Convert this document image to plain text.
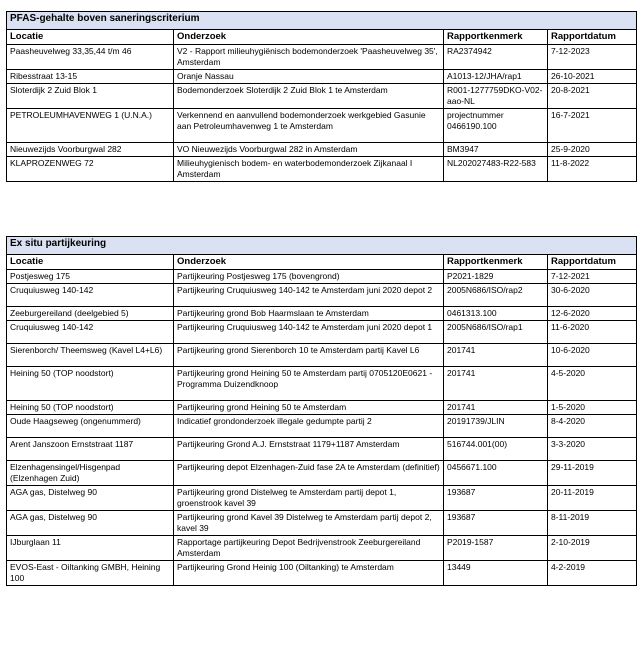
PFAS-gehalte boven saneringscriterium			
Locatie	Onderzoek	Rapportkenmerk	Rapportdatum
Paasheuvelweg 33,35,44 t/m 46	V2 - Rapport milieuhygiënisch bodemonderzoek 'Paasheuvelweg 35', Amsterdam	RA2374942	7-12-2023
Ribesstraat 13-15	Oranje Nassau	A1013-12/JHA/rap1	26-10-2021
Sloterdijk 2 Zuid Blok 1	Bodemonderzoek Sloterdijk 2 Zuid Blok 1 te Amsterdam	R001-1277759DKO-V02-aao-NL	20-8-2021
PETROLEUMHAVENWEG 1 (U.N.A.)	Verkennend en aanvullend bodemonderzoek werkgebied Gasunie aan Petroleumhavenweg 1 te Amsterdam	projectnummer 0466190.100	16-7-2021
Nieuwezijds Voorburgwal 282	VO Nieuwezijds Voorburgwal 282 in Amsterdam	BM3947	25-9-2020
KLAPROZENWEG 72	Milieuhygienisch bodem- en waterbodemonderzoek Zijkanaal I Amsterdam	NL202027483-R22-583	11-8-2022
Ex situ partijkeuring			
Locatie	Onderzoek	Rapportkenmerk	Rapportdatum
Postjesweg 175	Partijkeuring Postjesweg 175 (bovengrond)	P2021-1829	7-12-2021
Cruquiusweg 140-142	Partijkeuring Cruquiusweg 140-142 te Amsterdam juni 2020 depot 2	2005N686/ISO/rap2	30-6-2020
Zeeburgereiland (deelgebied 5)	Partijkeuring grond Bob Haarmslaan te Amsterdam	0461313.100	12-6-2020
Cruquiusweg 140-142	Partijkeuring Cruquiusweg 140-142 te Amsterdam juni 2020 depot 1	2005N686/ISO/rap1	11-6-2020
Sierenborch/ Theemsweg (Kavel L4+L6)	Partijkeuring grond Sierenborch 10 te Amsterdam partij Kavel L6	201741	10-6-2020
Heining 50 (TOP noodstort)	Partijkeuring grond Heining 50 te Amsterdam partij 0705120E0621 - Programma Duizendknoop	201741	4-5-2020
Heining 50 (TOP noodstort)	Partijkeuring grond Heining 50 te Amsterdam	201741	1-5-2020
Oude Haagseweg (ongenummerd)	Indicatief grondonderzoek illegale gedumpte partij 2	20191739/JLIN	8-4-2020
Arent Janszoon Ernststraat 1187	Partijkeuring Grond A.J. Ernststraat 1179+1187 Amsterdam	516744.001(00)	3-3-2020
Elzenhagensingel/Hisgenpad (Elzenhagen Zuid)	Partijkeuring depot Elzenhagen-Zuid fase 2A te Amsterdam (definitief)	0456671.100	29-11-2019
AGA gas, Distelweg 90	Partijkeuring grond Distelweg te Amsterdam partij depot 1, groenstrook kavel 39	193687	20-11-2019
AGA gas, Distelweg 90	Partijkeuring grond Kavel 39 Distelweg te Amsterdam partij depot 2, kavel 39	193687	8-11-2019
IJburglaan 11	Rapportage partijkeuring Depot Bedrijvenstrook Zeeburgereiland Amsterdam	P2019-1587	2-10-2019
EVOS-East - Oiltanking GMBH, Heining 100	Partijkeuring Grond Heinig 100 (Oiltanking) te Amsterdam	13449	4-2-2019
